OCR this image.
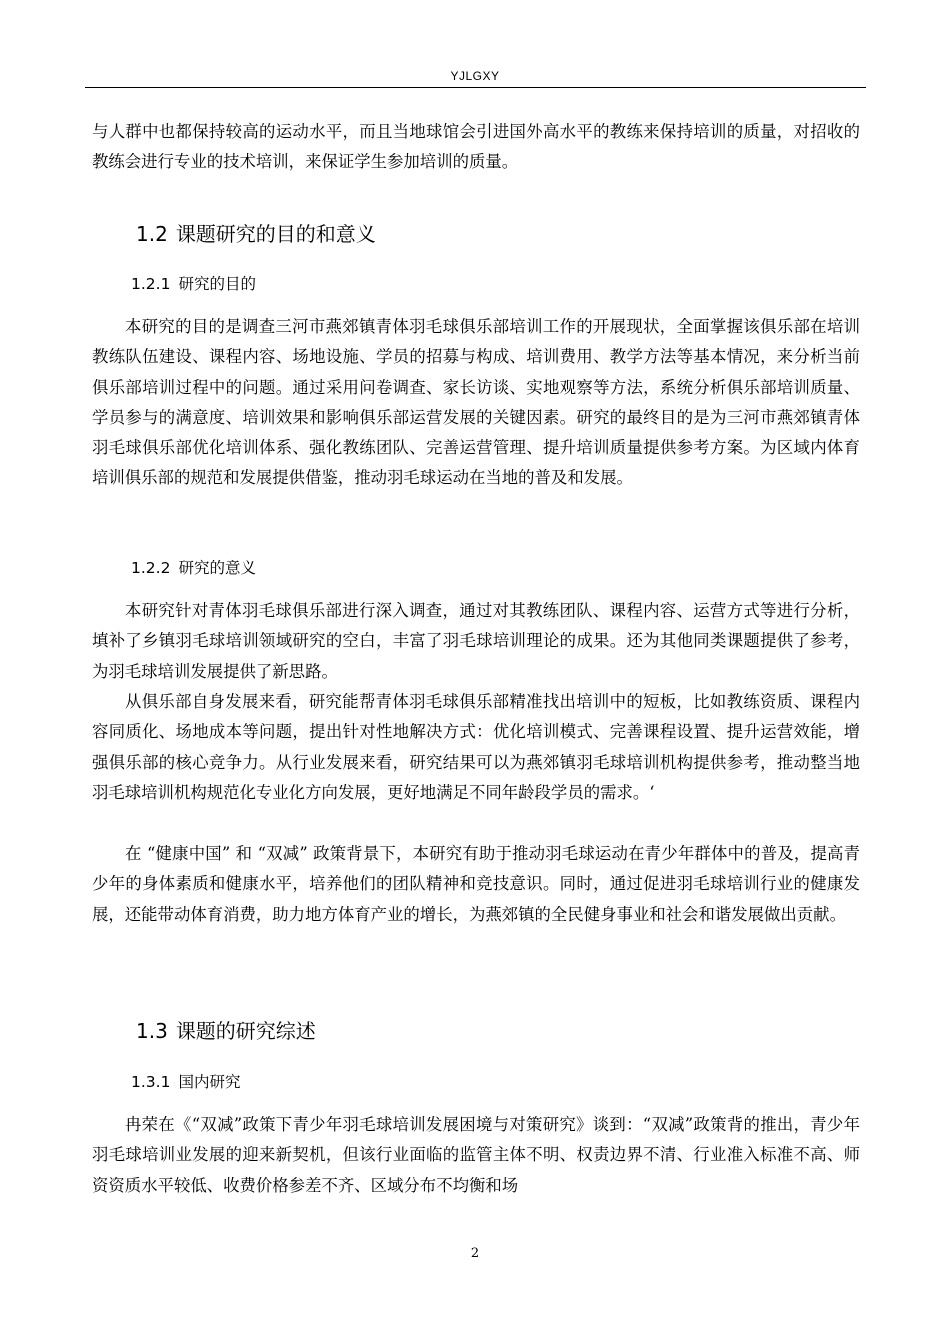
YJLGXY

与人群中也都保持较高的运动水平，而且当地球馆会引进国外高水平的教练来保持培训的质量，对招收的教练会进行专业的技术培训，来保证学生参加培训的质量。

1.2 课题研究的目的和意义
1.2.1 研究的目的

本研究的目的是调查三河市燕郊镇青体羽毛球俱乐部培训工作的开展现状，全面掌握该俱乐部在培训教练队伍建设、课程内容、场地设施、学员的招募与构成、培训费用、教学方法等基本情况，来分析当前俱乐部培训过程中的问题。通过采用问卷调查、家长访谈、实地观察等方法，系统分析俱乐部培训质量、学员参与的满意度、培训效果和影响俱乐部运营发展的关键因素。研究的最终目的是为三河市燕郊镇青体羽毛球俱乐部优化培训体系、强化教练团队、完善运营管理、提升培训质量提供参考方案。为区域内体育培训俱乐部的规范和发展提供借鉴，推动羽毛球运动在当地的普及和发展。

1.2.2 研究的意义

本研究针对青体羽毛球俱乐部进行深入调查，通过对其教练团队、课程内容、运营方式等进行分析，填补了乡镇羽毛球培训领域研究的空白，丰富了羽毛球培训理论的成果。还为其他同类课题提供了参考，为羽毛球培训发展提供了新思路。

从俱乐部自身发展来看，研究能帮青体羽毛球俱乐部精准找出培训中的短板，比如教练资质、课程内容同质化、场地成本等问题，提出针对性地解决方式：优化培训模式、完善课程设置、提升运营效能，增强俱乐部的核心竞争力。从行业发展来看，研究结果可以为燕郊镇羽毛球培训机构提供参考，推动整当地羽毛球培训机构规范化专业化方向发展，更好地满足不同年龄段学员的需求。‘

在 “健康中国” 和 “双减” 政策背景下，本研究有助于推动羽毛球运动在青少年群体中的普及，提高青少年的身体素质和健康水平，培养他们的团队精神和竞技意识。同时，通过促进羽毛球培训行业的健康发展，还能带动体育消费，助力地方体育产业的增长，为燕郊镇的全民健身事业和社会和谐发展做出贡献。

1.3 课题的研究综述
1.3.1 国内研究

冉荣在《“双减”政策下青少年羽毛球培训发展困境与对策研究》谈到：“双减”政策背的推出，青少年羽毛球培训业发展的迎来新契机，但该行业面临的监管主体不明、权责边界不清、行业准入标准不高、师资资质水平较低、收费价格参差不齐、区域分布不均衡和场

2
